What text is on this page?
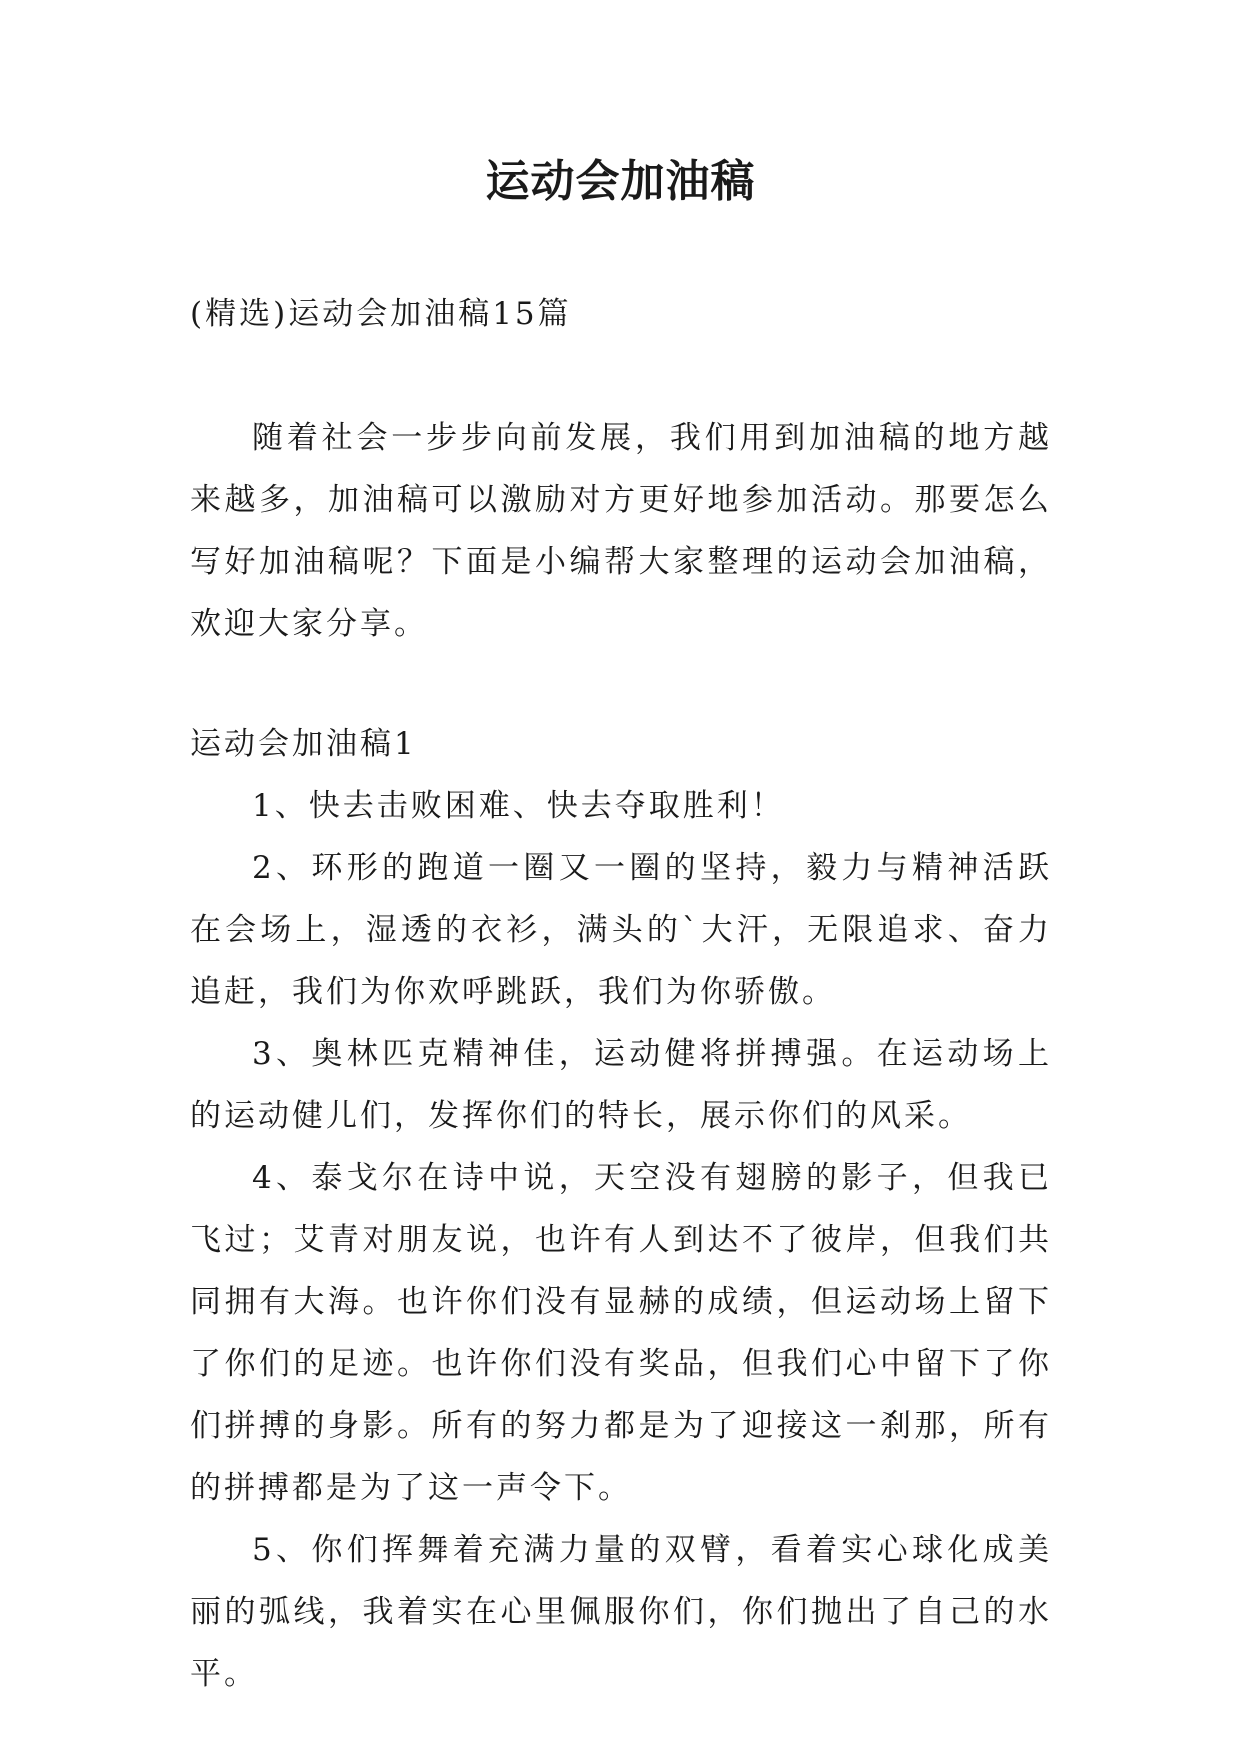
运动会加油稿

(精选)运动会加油稿15篇

随着社会一步步向前发展，我们用到加油稿的地方越来越多，加油稿可以激励对方更好地参加活动。那要怎么写好加油稿呢？下面是小编帮大家整理的运动会加油稿，欢迎大家分享。

运动会加油稿1

1、快去击败困难、快去夺取胜利！

2、环形的跑道一圈又一圈的坚持，毅力与精神活跃在会场上，湿透的衣衫，满头的`大汗，无限追求、奋力追赶，我们为你欢呼跳跃，我们为你骄傲。

3、奥林匹克精神佳，运动健将拼搏强。在运动场上的运动健儿们，发挥你们的特长，展示你们的风采。

4、泰戈尔在诗中说，天空没有翅膀的影子，但我已飞过；艾青对朋友说，也许有人到达不了彼岸，但我们共同拥有大海。也许你们没有显赫的成绩，但运动场上留下了你们的足迹。也许你们没有奖品，但我们心中留下了你们拼搏的身影。所有的努力都是为了迎接这一刹那，所有的拼搏都是为了这一声令下。

5、你们挥舞着充满力量的双臂，看着实心球化成美丽的弧线，我着实在心里佩服你们，你们抛出了自己的水平。
